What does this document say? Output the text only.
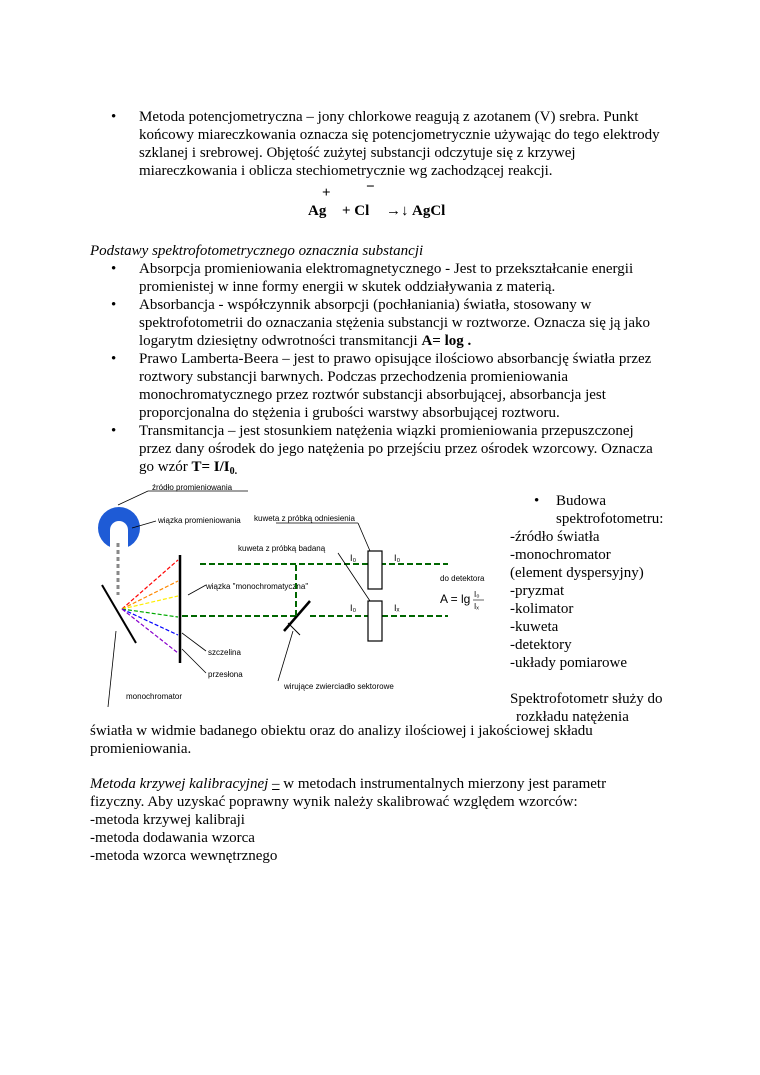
• Metoda potencjometryczna – jony chlorkowe reagują z azotanem (V) srebra. Punkt
końcowy miareczkowania oznacza się potencjometrycznie używając do tego elektrody
szklanej i srebrowej. Objętość zużytej substancji odczytuje się z krzywej
miareczkowania i oblicza stechiometrycznie wg zachodzącej reakcji.
+ −
Ag + Cl →↓ AgCl
Podstawy spektrofotometrycznego oznacznia substancji
• Absorpcja promieniowania elektromagnetycznego - Jest to przekształcanie energii
promienistej w inne formy energii w skutek oddziaływania z materią.
• Absorbancja - współczynnik absorpcji (pochłaniania) światła, stosowany w
spektrofotometrii do oznaczania stężenia substancji w roztworze. Oznacza się ją jako
logarytm dziesiętny odwrotności transmitancji A= log .
• Prawo Lamberta-Beera – jest to prawo opisujące ilościowo absorbancję światła przez
roztwory substancji barwnych. Podczas przechodzenia promieniowania
monochromatycznego przez roztwór substancji absorbującej, absorbancja jest
proporcjonalna do stężenia i grubości warstwy absorbującej roztworu.
• Transmitancja – jest stosunkiem natężenia wiązki promieniowania przepuszczonej
przez dany ośrodek do jego natężenia po przejściu przez ośrodek wzorcowy. Oznacza
go wzór $T= I/I_{0.}$
źródło promieniowania
wiązka promieniowania
monochromator
wiązka "monochromatyczna"
szczelina
przesłona
wirujące zwierciadło sektorowe
kuweta z próbką odniesienia
kuweta z próbką badaną
I₀	I₀
I₀	Iₓ
do detektora
A = lg I₀
Iₓ
• Budowa
spektrofotometru:
-źródło światła
-monochromator
(element dyspersyjny)
-pryzmat
-kolimator
-kuweta
-detektory
-układy pomiarowe
Spektrofotometr służy do
rozkładu natężenia
światła w widmie badanego obiektu oraz do analizy ilościowej i jakościowej składu
promieniowania.
Metoda krzywej kalibracyjnej – w metodach instrumentalnych mierzony jest parametr
fizyczny. Aby uzyskać poprawny wynik należy skalibrować względem wzorców:
-metoda krzywej kalibraji
-metoda dodawania wzorca
-metoda wzorca wewnętrznego
